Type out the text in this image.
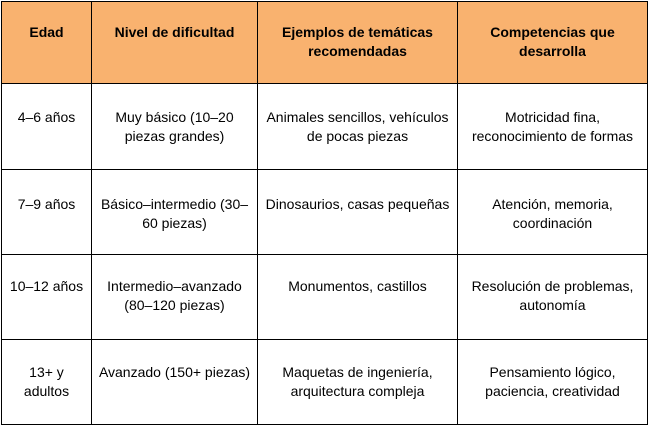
Edad	Nivel de dificultad	Ejemplos de temáticas recomendadas	Competencias que desarrolla
4–6 años	Muy básico (10–20 piezas grandes)	Animales sencillos, vehículos de pocas piezas	Motricidad fina, reconocimiento de formas
7–9 años	Básico–intermedio (30–60 piezas)	Dinosaurios, casas pequeñas	Atención, memoria, coordinación
10–12 años	Intermedio–avanzado (80–120 piezas)	Monumentos, castillos	Resolución de problemas, autonomía
13+ y adultos	Avanzado (150+ piezas)	Maquetas de ingeniería, arquitectura compleja	Pensamiento lógico, paciencia, creatividad
